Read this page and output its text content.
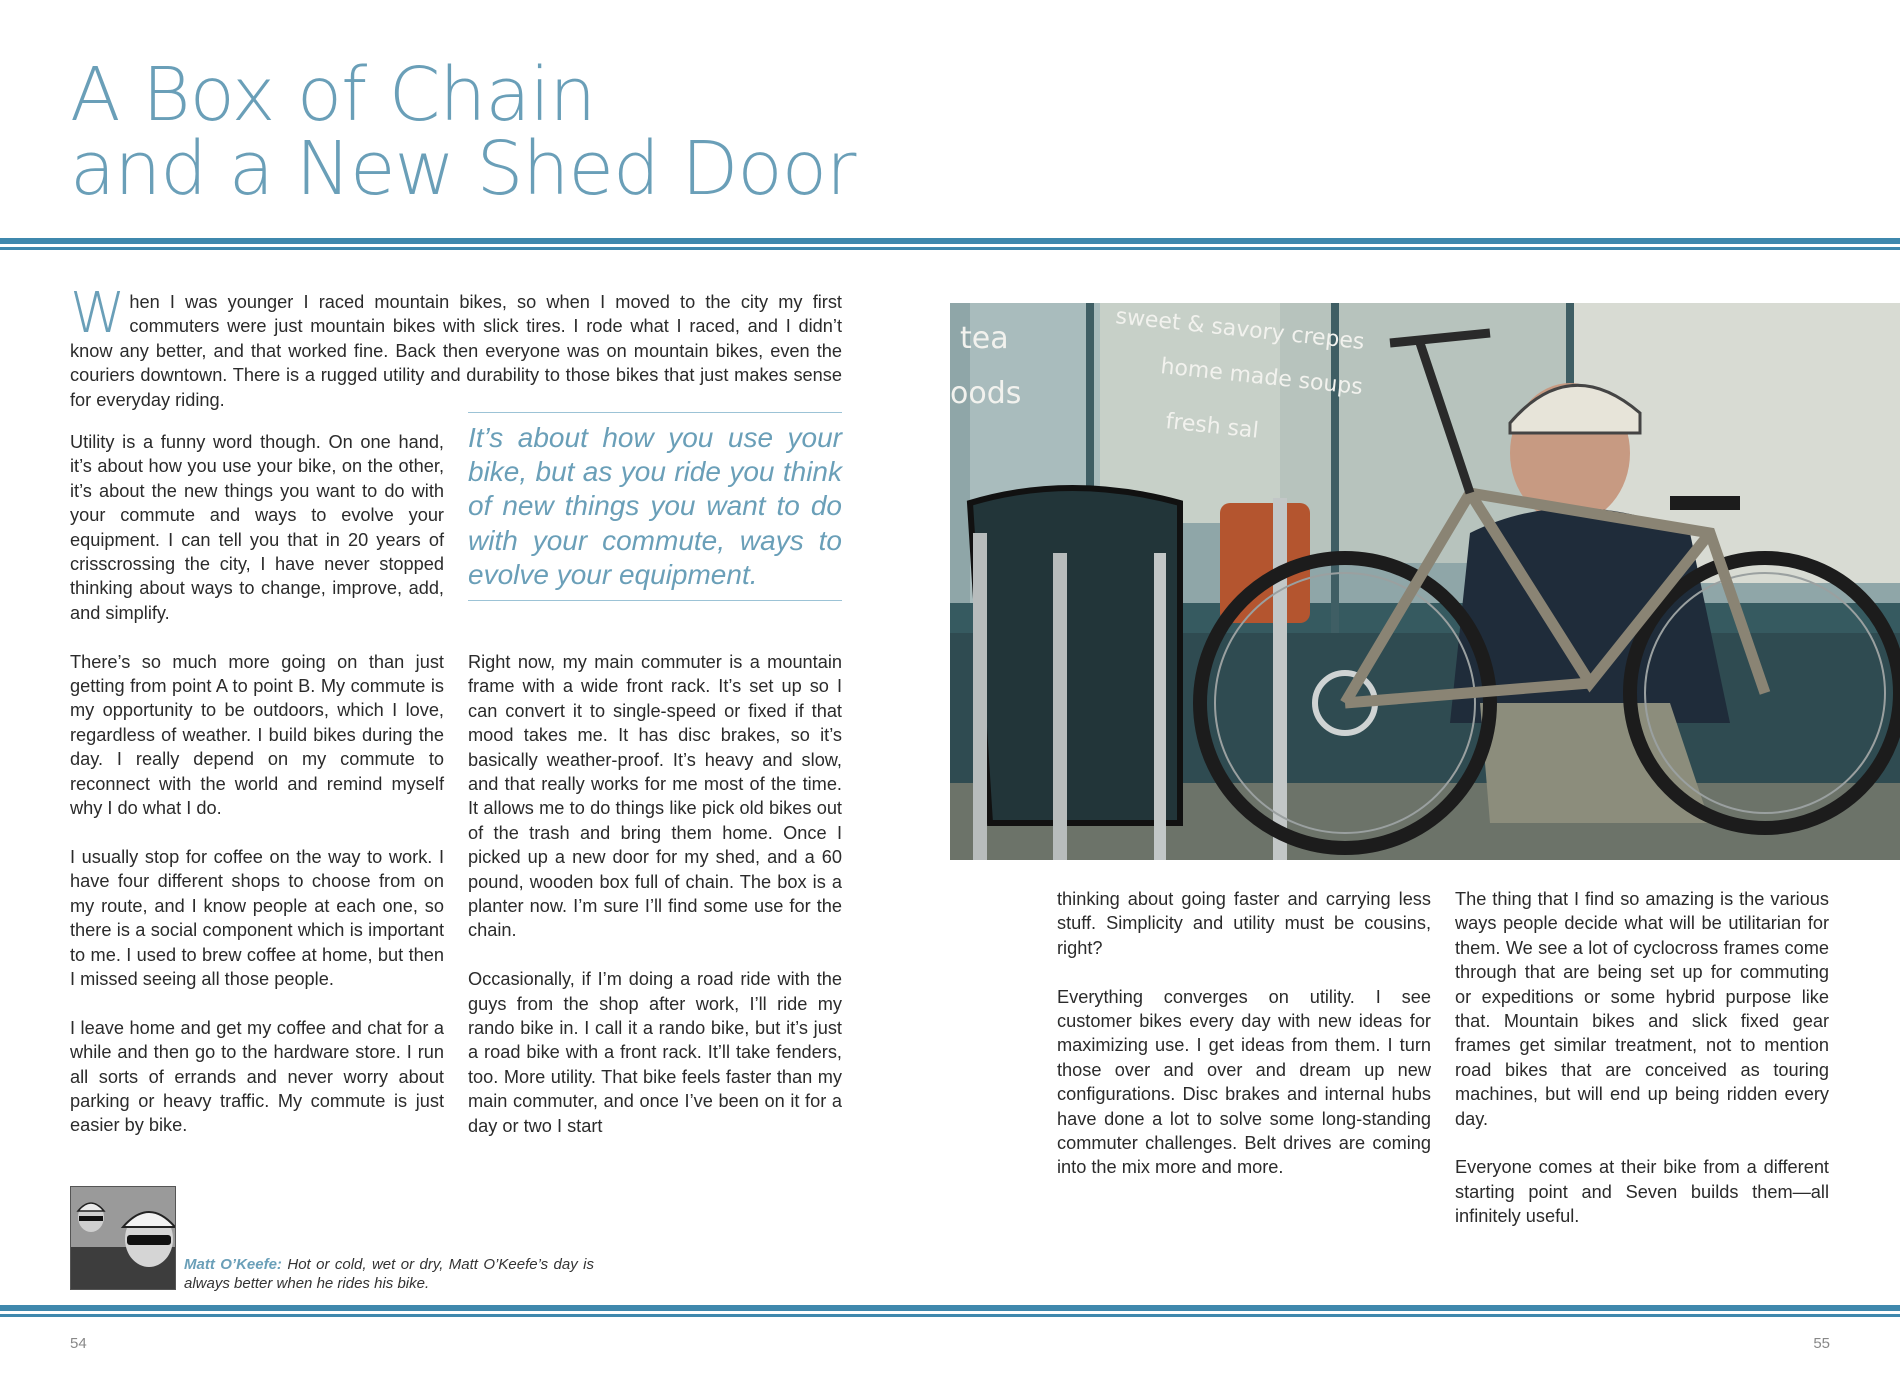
A Box of Chain
and a New Shed Door

When I was younger I raced mountain bikes, so when I moved to the city my first commuters were just mountain bikes with slick tires. I rode what I raced, and I didn’t know any better, and that worked fine. Back then everyone was on mountain bikes, even the couriers downtown. There is a rugged utility and durability to those bikes that just makes sense for everyday riding.

Utility is a funny word though. On one hand, it’s about how you use your bike, on the other, it’s about the new things you want to do with your commute and ways to evolve your equipment. I can tell you that in 20 years of crisscrossing the city, I have never stopped thinking about ways to change, improve, add, and simplify.

There’s so much more going on than just getting from point A to point B. My commute is my opportunity to be outdoors, which I love, regardless of weather. I build bikes during the day. I really depend on my commute to reconnect with the world and remind myself why I do what I do.

I usually stop for coffee on the way to work. I have four different shops to choose from on my route, and I know people at each one, so there is a social component which is important to me. I used to brew coffee at home, but then I missed seeing all those people.

I leave home and get my coffee and chat for a while and then go to the hardware store. I run all sorts of errands and never worry about parking or heavy traffic. My commute is just easier by bike.

It’s about how you use your bike, but as you ride you think of new things you want to do with your commute, ways to evolve your equipment.

Right now, my main commuter is a mountain frame with a wide front rack. It’s set up so I can convert it to single-speed or fixed if that mood takes me. It has disc brakes, so it’s basically weather-proof. It’s heavy and slow, and that really works for me most of the time. It allows me to do things like pick old bikes out of the trash and bring them home. Once I picked up a new door for my shed, and a 60 pound, wooden box full of chain. The box is a planter now. I’m sure I’ll find some use for the chain.

Occasionally, if I’m doing a road ride with the guys from the shop after work, I’ll ride my rando bike in. I call it a rando bike, but it’s just a road bike with a front rack. It’ll take fenders, too. More utility. That bike feels faster than my main commuter, and once I’ve been on it for a day or two I start

tea
oods
sweet & savory crepes
home made soups
fresh sal

thinking about going faster and carrying less stuff. Simplicity and utility must be cousins, right?

Everything converges on utility. I see customer bikes every day with new ideas for maximizing use. I get ideas from them. I turn those over and over and dream up new configurations. Disc brakes and internal hubs have done a lot to solve some long-standing commuter challenges. Belt drives are coming into the mix more and more.

The thing that I find so amazing is the various ways people decide what will be utilitarian for them. We see a lot of cyclocross frames come through that are being set up for commuting or expeditions or some hybrid purpose like that. Mountain bikes and slick fixed gear frames get similar treatment, not to mention road bikes that are conceived as touring machines, but will end up being ridden every day.

Everyone comes at their bike from a different starting point and Seven builds them—all infinitely useful.

Matt O’Keefe: Hot or cold, wet or dry, Matt O’Keefe’s day is always better when he rides his bike.
54	55
